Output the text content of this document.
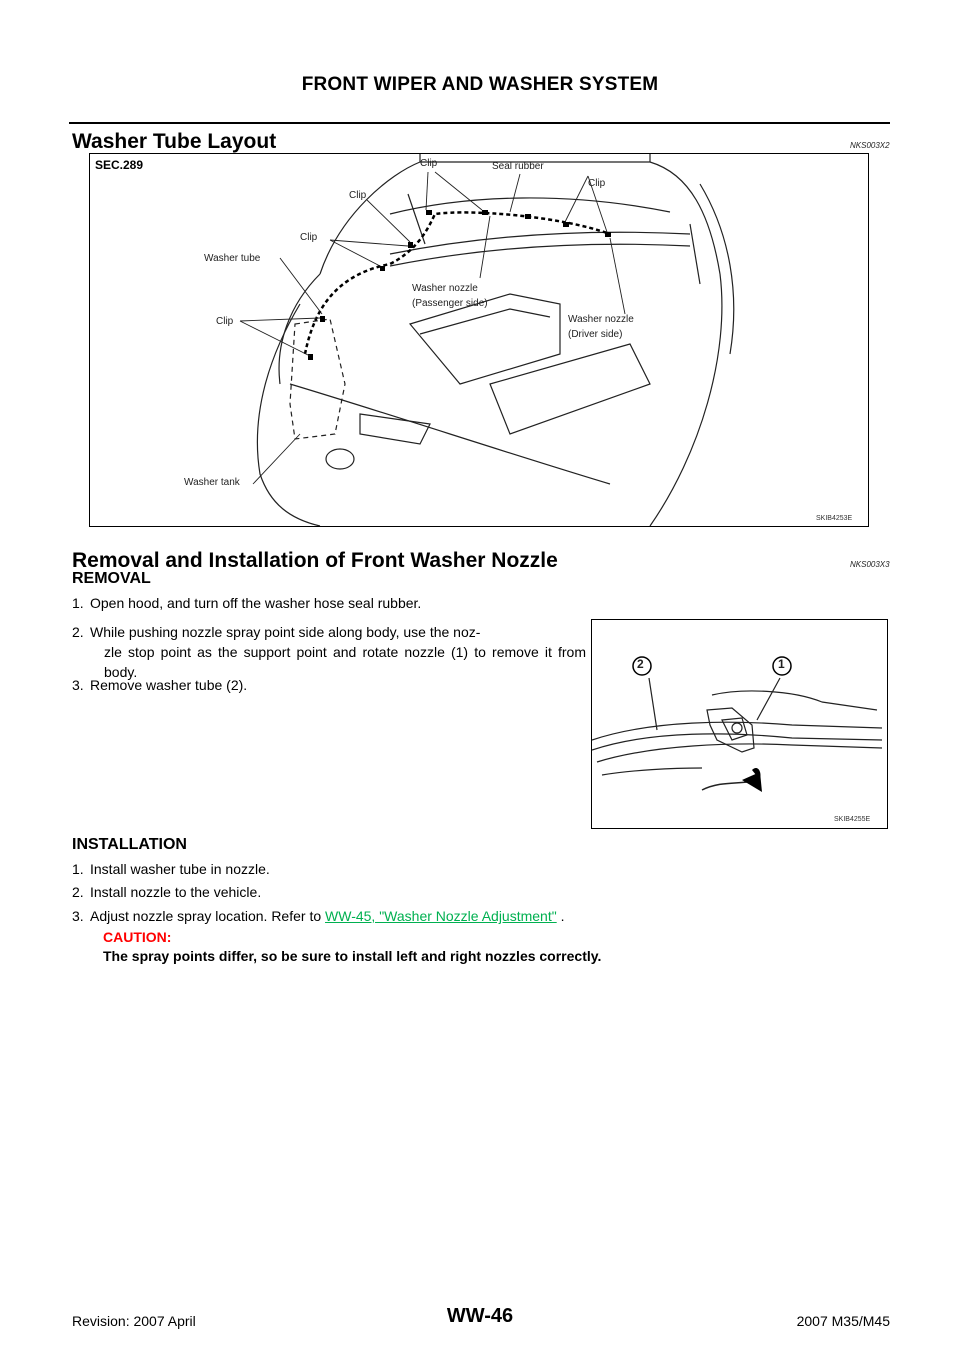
FRONT WIPER AND WASHER SYSTEM
Washer Tube Layout	NKS003X2
SEC.289	Clip	Seal rubber
Clip
Clip
Clip
Washer tube
Washer nozzle
(Passenger side)
Clip	Washer nozzle
(Driver side)
Washer tank
SKIB4253E
Removal and Installation of Front Washer Nozzle	NKS003X3
REMOVAL
1. Open hood, and turn off the washer hose seal rubber.
2. While pushing nozzle spray point side along body, use the noz-
zle stop point as the support point and rotate nozzle (1) to remove it from body.
3. Remove washer tube (2).
2	1
SKIB4255E
INSTALLATION
1. Install washer tube in nozzle.
2. Install nozzle to the vehicle.
3. Adjust nozzle spray location. Refer to WW-45, "Washer Nozzle Adjustment" .
CAUTION:
The spray points differ, so be sure to install left and right nozzles correctly.
Revision: 2007 April	WW-46	2007 M35/M45
